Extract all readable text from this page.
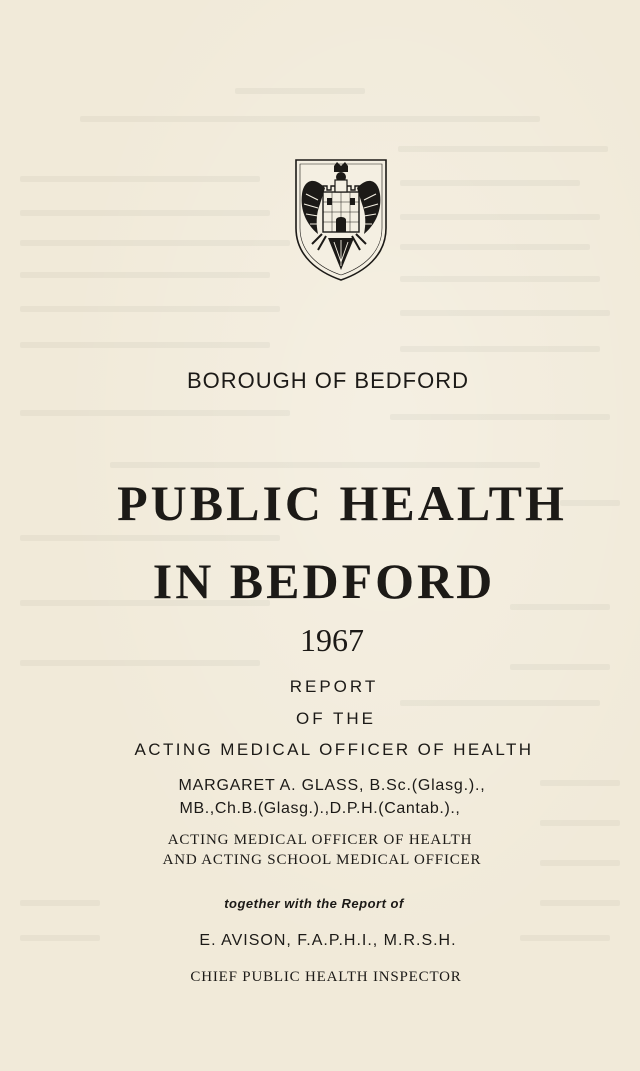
BOROUGH OF BEDFORD
PUBLIC HEALTH
IN BEDFORD
1967
REPORT
OF THE
ACTING MEDICAL OFFICER OF HEALTH
MARGARET A. GLASS, B.Sc.(Glasg.).,
MB.,Ch.B.(Glasg.).,D.P.H.(Cantab.).,
ACTING MEDICAL OFFICER OF HEALTH
AND ACTING SCHOOL MEDICAL OFFICER
together with the Report of
E. AVISON, F.A.P.H.I., M.R.S.H.
CHIEF PUBLIC HEALTH INSPECTOR
